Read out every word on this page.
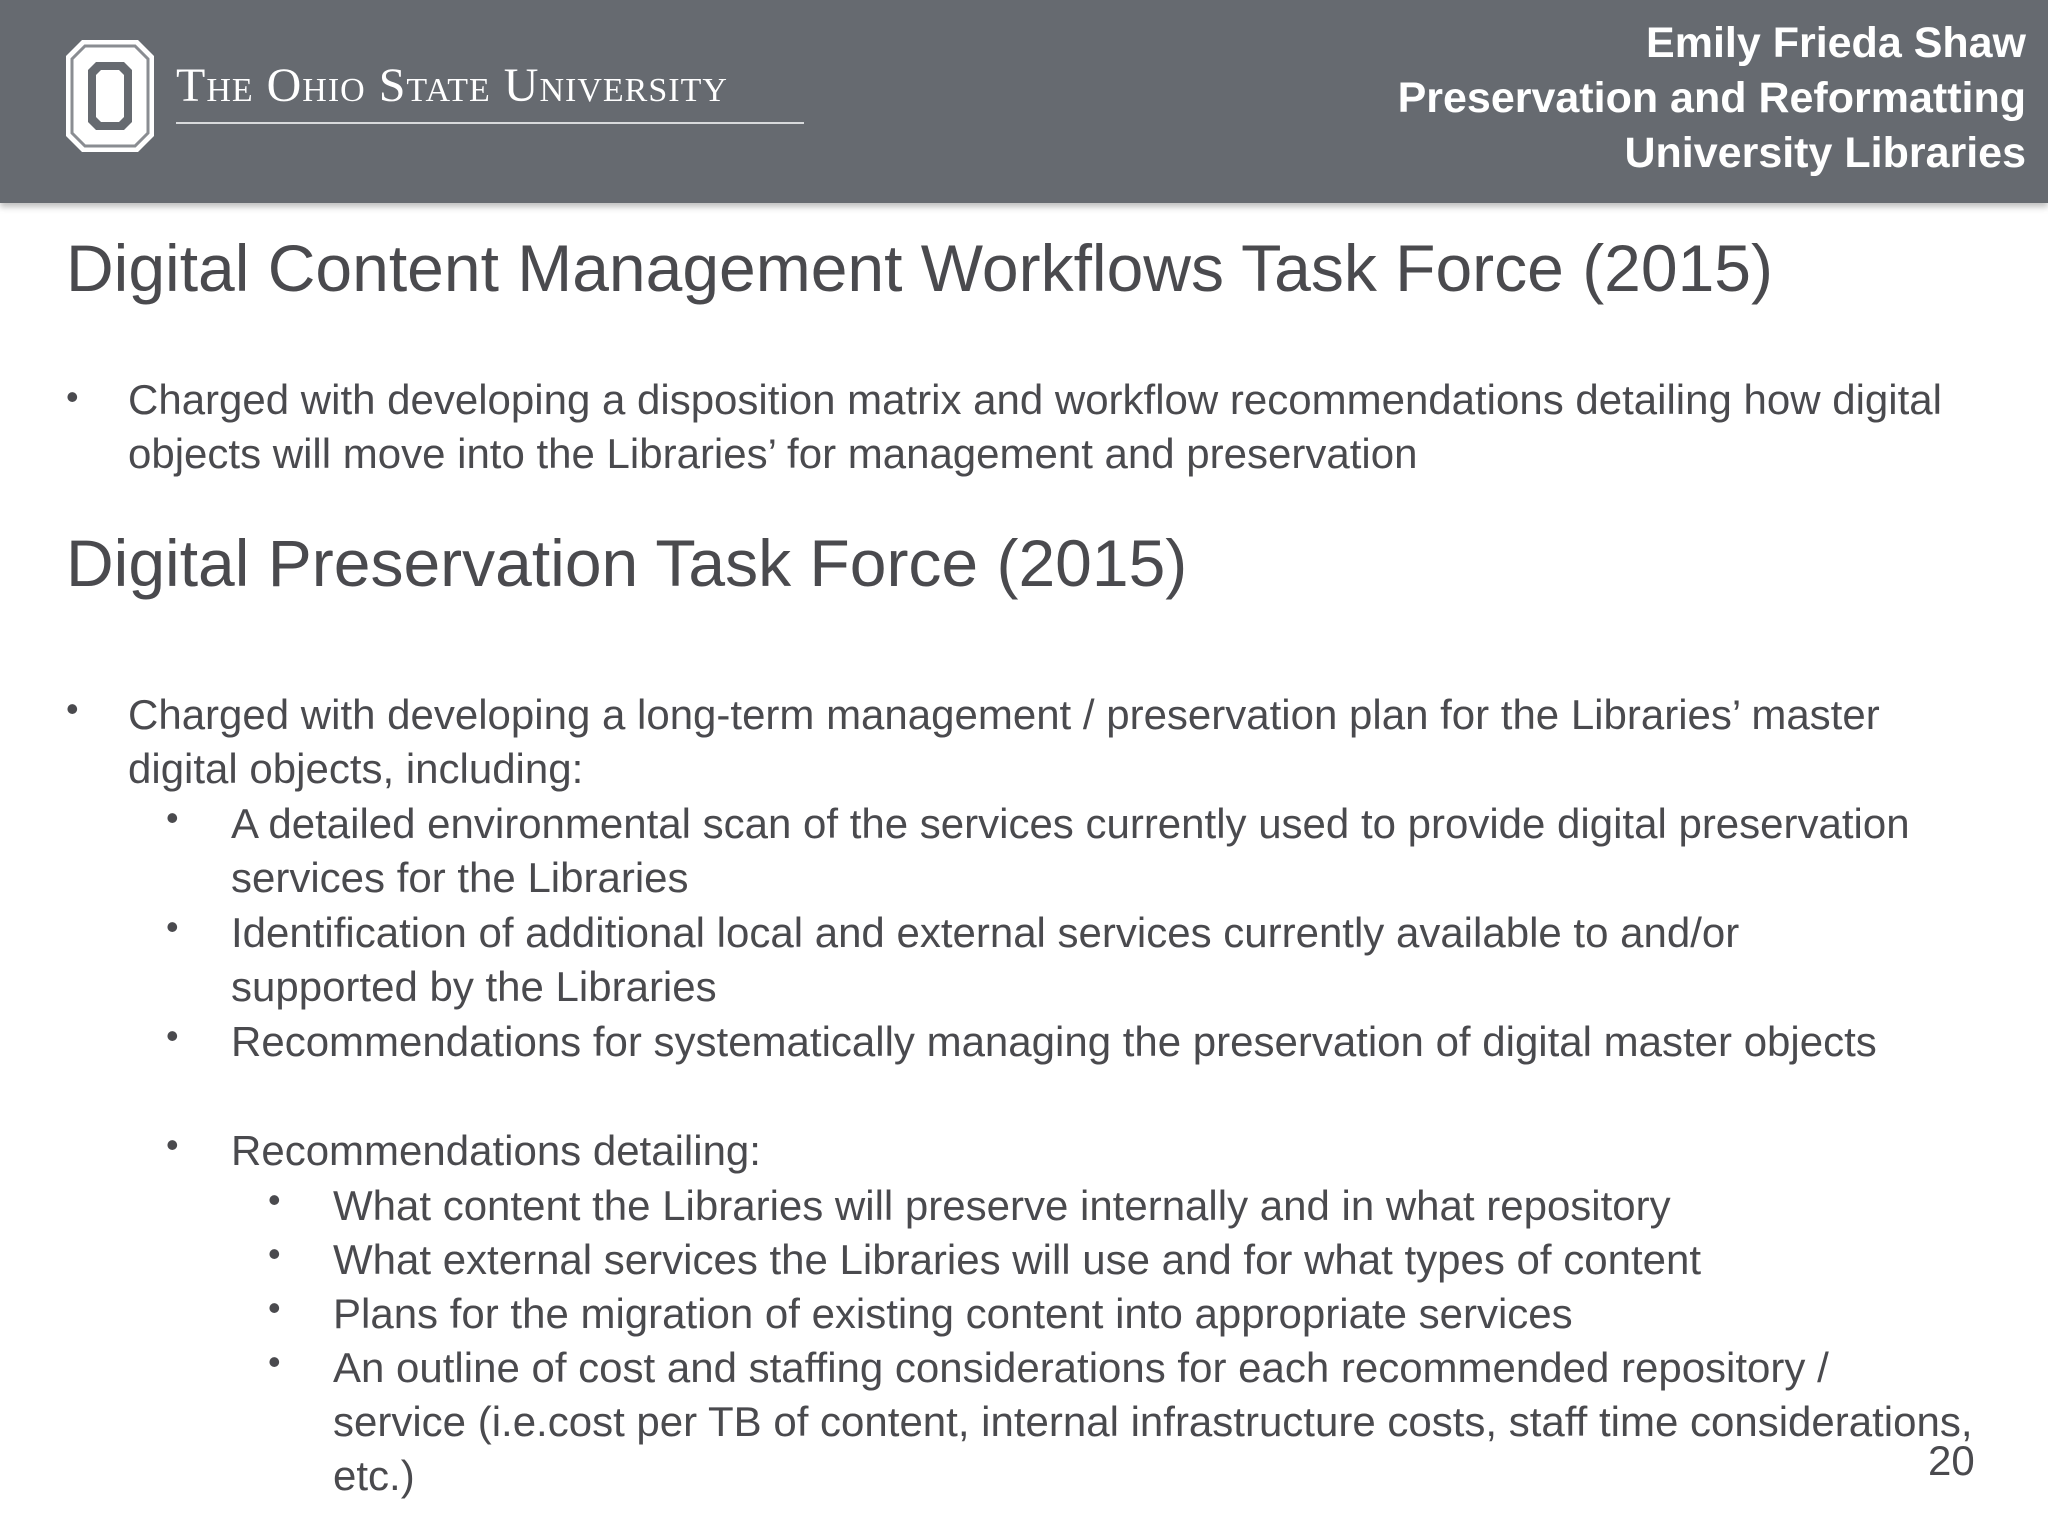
The Ohio State University
Emily Frieda Shaw
Preservation and Reformatting
University Libraries
Digital Content Management Workflows Task Force (2015)
• Charged with developing a disposition matrix and workflow recommendations detailing how digital objects will move into the Libraries’ for management and preservation
Digital Preservation Task Force (2015)
• Charged with developing a long-term management / preservation plan for the Libraries’ master digital objects, including:
• A detailed environmental scan of the services currently used to provide digital preservation services for the Libraries
• Identification of additional local and external services currently available to and/or supported by the Libraries
• Recommendations for systematically managing the preservation of digital master objects
• Recommendations detailing:
• What content the Libraries will preserve internally and in what repository
• What external services the Libraries will use and for what types of content
• Plans for the migration of existing content into appropriate services
• An outline of cost and staffing considerations for each recommended repository / service (i.e.cost per TB of content, internal infrastructure costs, staff time considerations, etc.)	20
